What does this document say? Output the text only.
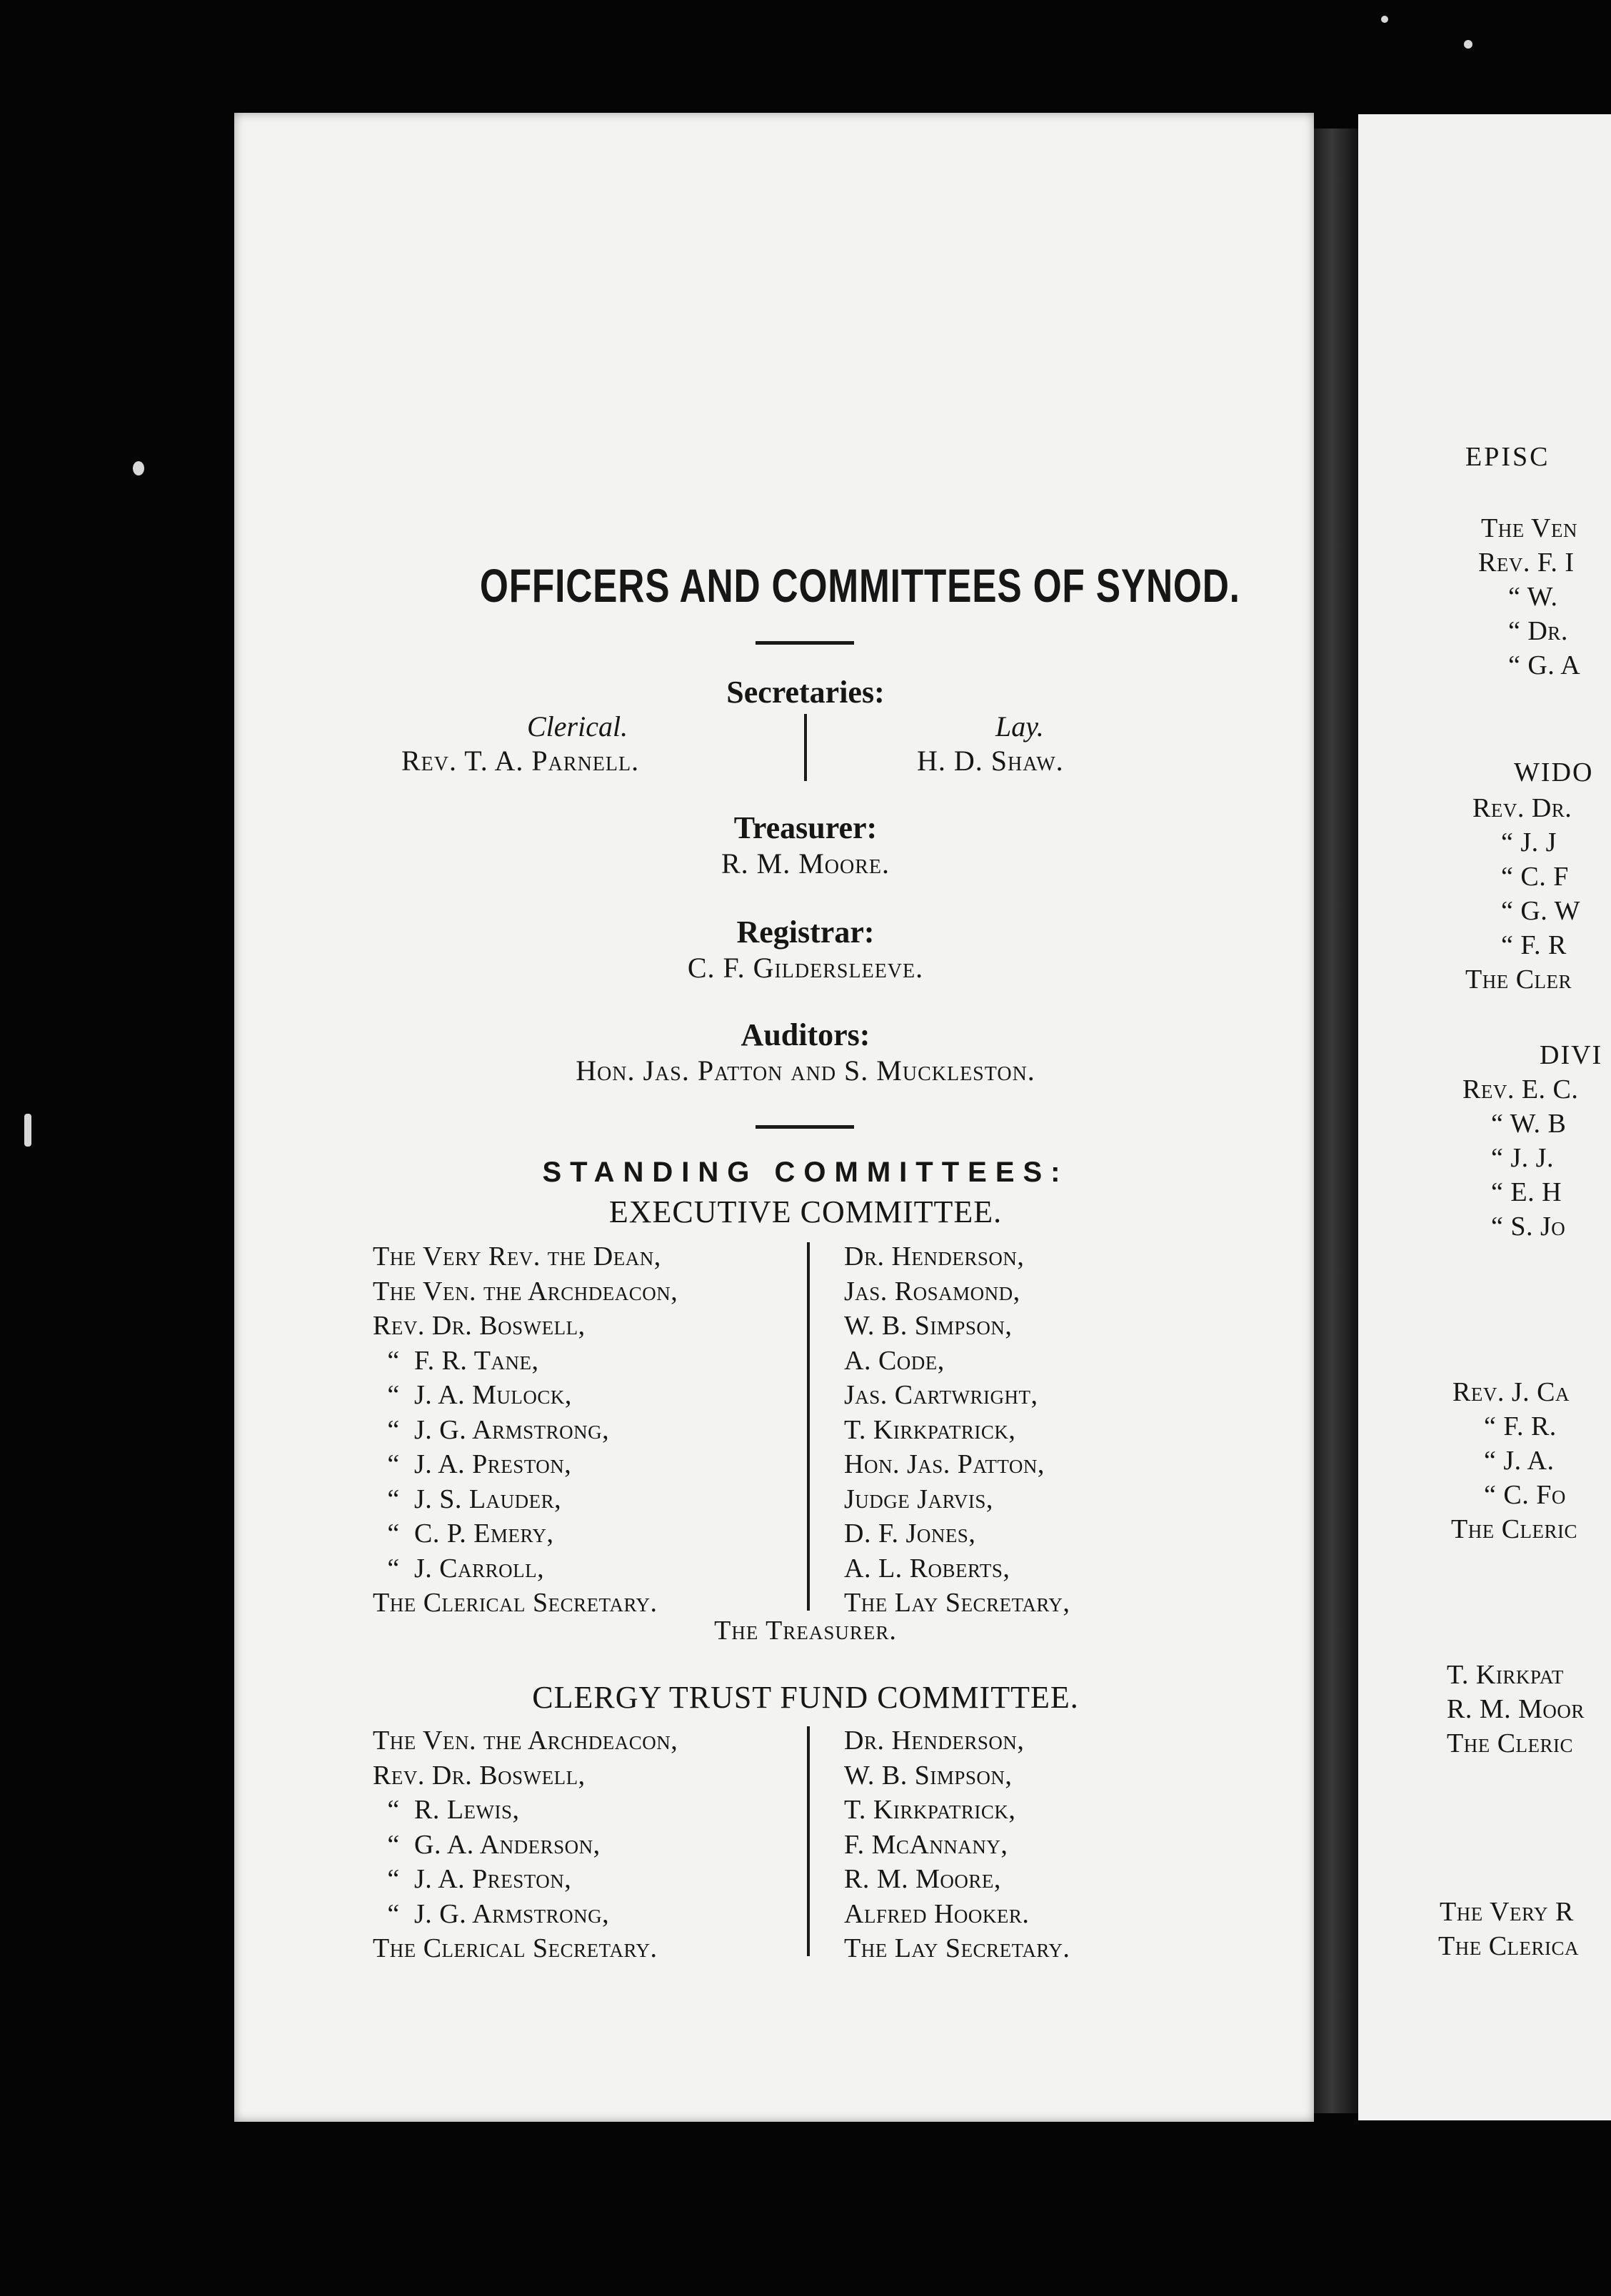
EPISC
The Ven
Rev. F. I
“ W.
“ Dr.
“ G. A
WIDO
Rev. Dr.
“ J. J
“ C. F
“ G. W
“ F. R
The Cler
DIVI
Rev. E. C.
“ W. B
“ J. J.
“ E. H
“ S. Jo
Rev. J. Ca
“ F. R.
“ J. A.
“ C. Fo
The Cleric
T. Kirkpat
R. M. Moor
The Cleric
The Very R
The Clerica
OFFICERS AND COMMITTEES OF SYNOD.
Secretaries:
Clerical.
Rev. T. A. Parnell.
Lay.
H. D. Shaw.
Treasurer:
R. M. Moore.
Registrar:
C. F. Gildersleeve.
Auditors:
Hon. Jas. Patton and S. Muckleston.
STANDING COMMITTEES:
EXECUTIVE COMMITTEE.
The Very Rev. the Dean,
The Ven. the Archdeacon,
Rev. Dr. Boswell,
“ F. R. Tane,
“ J. A. Mulock,
“ J. G. Armstrong,
“ J. A. Preston,
“ J. S. Lauder,
“ C. P. Emery,
“ J. Carroll,
The Clerical Secretary.
Dr. Henderson,
Jas. Rosamond,
W. B. Simpson,
A. Code,
Jas. Cartwright,
T. Kirkpatrick,
Hon. Jas. Patton,
Judge Jarvis,
D. F. Jones,
A. L. Roberts,
The Lay Secretary,
The Treasurer.
CLERGY TRUST FUND COMMITTEE.
The Ven. the Archdeacon,
Rev. Dr. Boswell,
“ R. Lewis,
“ G. A. Anderson,
“ J. A. Preston,
“ J. G. Armstrong,
The Clerical Secretary.
Dr. Henderson,
W. B. Simpson,
T. Kirkpatrick,
F. McAnnany,
R. M. Moore,
Alfred Hooker.
The Lay Secretary.
